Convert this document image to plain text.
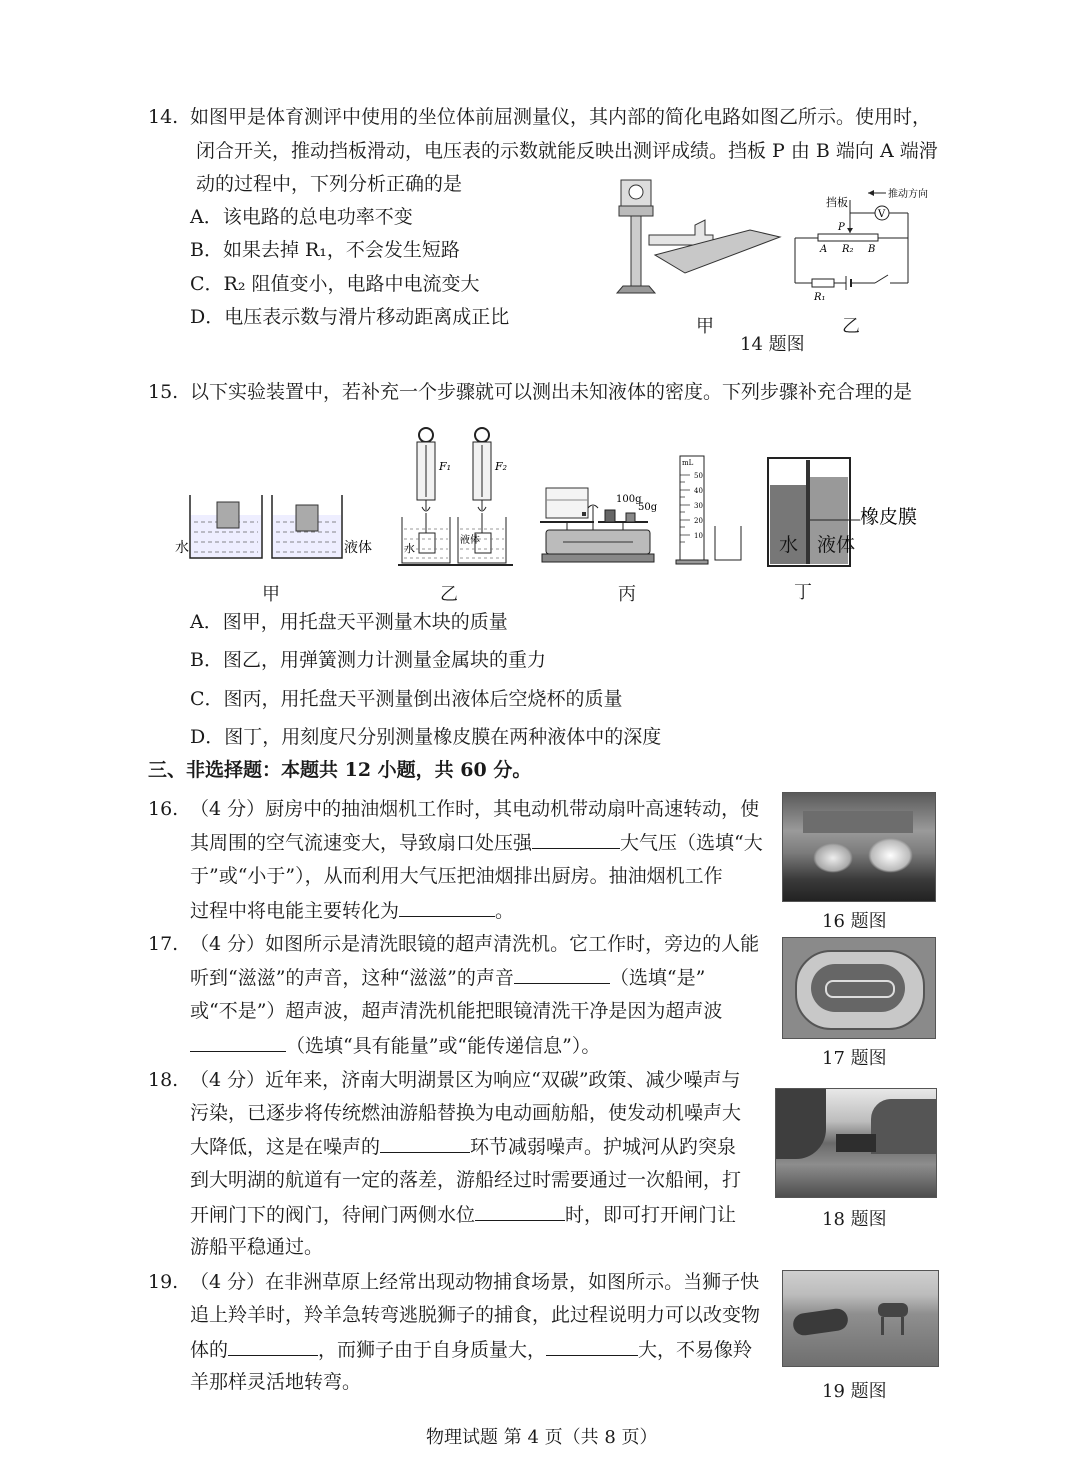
14. 如图甲是体育测评中使用的坐位体前屈测量仪，其内部的简化电路如图乙所示。使用时，
闭合开关，推动挡板滑动，电压表的示数就能反映出测评成绩。挡板 P 由 B 端向 A 端滑
动的过程中，下列分析正确的是
A．该电路的总电功率不变
B．如果去掉 R₁，不会发生短路
C．R₂ 阻值变小，电路中电流变大
D．电压表示数与滑片移动距离成正比	甲
V
推动方向
挡板
P
A R₂ B
R₁
乙
14 题图
15. 以下实验装置中，若补充一个步骤就可以测出未知液体的密度。下列步骤补充合理的是
水	液体
甲
F₁
水
F₂
液体
乙
100g
50g
mL
50
40
30
20
10
丙
橡皮膜
水 液体
丁
A．图甲，用托盘天平测量木块的质量
B．图乙，用弹簧测力计测量金属块的重力
C．图丙，用托盘天平测量倒出液体后空烧杯的质量
D．图丁，用刻度尺分别测量橡皮膜在两种液体中的深度
三、非选择题：本题共 12 小题，共 60 分。
16. （4 分）厨房中的抽油烟机工作时，其电动机带动扇叶高速转动，使
其周围的空气流速变大，导致扇口处压强	大气压（选填“大
于”或“小于”），从而利用大气压把油烟排出厨房。抽油烟机工作
过程中将电能主要转化为	。	16 题图
17. （4 分）如图所示是清洗眼镜的超声清洗机。它工作时，旁边的人能
听到“滋滋”的声音，这种“滋滋”的声音	（选填“是”
或“不是”）超声波，超声清洗机能把眼镜清洗干净是因为超声波
（选填“具有能量”或“能传递信息”）。
17 题图
18. （4 分）近年来，济南大明湖景区为响应“双碳”政策、减少噪声与
污染，已逐步将传统燃油游船替换为电动画舫船，使发动机噪声大
大降低，这是在噪声的	环节减弱噪声。护城河从趵突泉
到大明湖的航道有一定的落差，游船经过时需要通过一次船闸，打
开闸门下的阀门，待闸门两侧水位	时，即可打开闸门让
游船平稳通过。
18 题图
19. （4 分）在非洲草原上经常出现动物捕食场景，如图所示。当狮子快
追上羚羊时，羚羊急转弯逃脱狮子的捕食，此过程说明力可以改变物
体的	，而狮子由于自身质量大，	大，不易像羚
羊那样灵活地转弯。	19 题图
物理试题 第 4 页（共 8 页）
